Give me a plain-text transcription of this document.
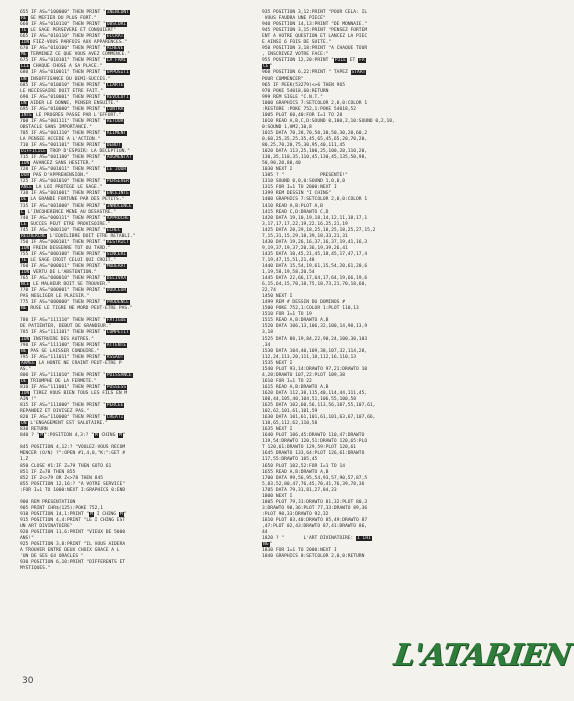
655 IF AS="100000" THEN PRINT "INENCONT
RE SE MEFIER DU PLUS FORT."
660 IF AS="010110" THEN PRINT "OBSCURI
TE LE SAGE PERSEVERE ET CONQUIERT"
665 IF AS="010110" THEN PRINT "ECCRAT
ION FIEZ-VOUS PARFOIS AUX APPARENCES."
670 IF AS="010100" THEN PRINT "ACHEVE
ME TERMINEZ CE QUE VOUS AVEZ COMMENCE."
675 IF AS="010101" THEN PRINT "LA FAMI
LLE CHAQUE CHOSE A SA PLACE."
680 IF AS="010011" THEN PRINT "OPPOSITI
ON INSUFFISANCE DU DEMI-SUCCES."
685 IF AS="010010" THEN PRINT "CLARTE
LE NECESSAIRE DOIT ETRE FAIT."
690 IF AS="010001" THEN PRINT "REVOLUTI
ON AIDER LE DONNE, PENSER ENSUITE."
695 IF AS="010000" THEN PRINT "CONTRA
INTE LE PROGRES PASSE PAR L'EFFORT."
700 IF AS="001111" THEN PRINT "RETOUR
OBSTACLE SANS IMPORTANCE."
705 IF AS="001110" THEN PRINT "ALIMENT
LA PENSEE ACCEDE A L'ACTION."
710 IF AS="001101" THEN PRINT "DEBUT
DIFFICILE TROP D'ESPOIR: LA DECEPTION."
715 IF AS="001100" THEN PRINT "AUGMENTAT
ION AVANCEZ SANS HESITER."
720 IF AS="001011" THEN PRINT "LE JOUR
DUR PAS D'APPREHENSION."
725 IF AS="001010" THEN PRINT "PERSEVER
ANCE LA LOI PROTEGE LE SAGE."
730 IF AS="001001" THEN PRINT "ENCEINTE
DE LA GRANDE FORTUNE PAR DES PETITS."
735 IF AS="001000" THEN PRINT "INNOCENCE
L L'INCOHERENCE MENE AU DESASTRE."
740 IF AS="000111" THEN PRINT "APPROCHE
LE SUCCES PEUT ETRE PROVISOIRE."
745 IF AS="000110" THEN PRINT "ECHEC
RECHERCHE L'EQUILIBRE DOIT ETRE RETABLI."
750 IF AS="000101" THEN PRINT "RESTRICT
ION FREIN DESSERRE TOT OU TARD."
755 IF AS="000100" THEN PRINT "SINCERI
TE LE SAGE CROIT CELUI QUI CROIT."
760 IF AS="000011" THEN PRINT "MODERAT
ION VERTU DE L'ABSTENTION."
765 IF AS="000010" THEN PRINT "DELIVRA
NCE LE MALHEUR DOIT SE TROUVER."
770 IF AS="000001" THEN PRINT "DOUCEUR
PAS NEGLIGER LE PLAISIR."
775 IF AS="000000" THEN PRINT "PRUDENCE
NE RUSE LE TIGRE NE MORD PEUT-ETRE PAS."

780 IF AS="111110" THEN PRINT "FATIGUE
DE PATIENTER, DEBUT DE GRANDEUR."
785 IF AS="111101" THEN PRINT "COMPETIT
ION INSTRUIRE DES AUTRES."
790 IF AS="111100" THEN PRINT "ATTENTE
NE PAS SE LAISSER CONDUIRE."
795 IF AS="111011" THEN PRINT "ASSAUT
ARMEE LA HONTE NE CRAINT PEUT-ETRE P
AS."
800 IF AS="111010" THEN PRINT "PUISSANCE
DE TRIOMPHE DE LA FERMETE."
810 IF AS="111001" THEN PRINT "POSSESS
ION TIREZ VOUS BIEN TOUS LES FILS EN M
AIN !"
815 IF AS="111000" THEN PRINT "PERCEE
REPANDEZ ET DIVISEZ PAS."
820 IF AS="110000" THEN PRINT "CREATI
ON L'ENGAGEMENT EST SALUTAIRE."
830 RETURN
840 ? "M":POSITION 4,3:? "M CHING M"

845 POSITION 4,12:? "VOULEZ-VOUS RECOM
MENCER (O/N) ?":OPEN #1,4,0,"K:":GET #
1,Z
850 CLOSE #1:IF Z=79 THEN GOTO 61
851 IF Z=78 THEN 855
852 IF Z<>79 OR Z<>78 THEN 845
855 POSITION 12,16:? "A VOTRE SERVICE"
:FOR I=1 TO 1000:NEXT I:GRAPHICS 0:END

900 REM PRESENTATION
905 PRINT CHR$(125):POKE 752,1
910 POSITION 14,1:PRINT "M I CHING M"
915 POSITION 4,4:PRINT "LE I CHING EST
UN ART DIVINATOIRE"
920 POSITION 11,6:PRINT "VIEUX DE 5000
ANS!"
925 POSITION 3,8:PRINT "IL VOUS AIDERA
A TROUVER ENTRE DEUX CHOIX GRACE A L
'UN DE SES 64 ORACLES "
930 POSITION 6,10:PRINT "DIFFERENTS ET
MYSTIQUES."
935 POSITION 3,12:PRINT "POUR CELA: IL
VOUS FAUDRA UNE PIECE"
940 POSITION 14,13:PRINT "DE MONNAIE."
945 POSITION 3,15:PRINT "PENSEZ FORTEM
ENT A VOTRE QUESTION ET LANCEZ LA PIEC
E AINSI 6 FOIS DE SUITE."
950 POSITION 3,18:PRINT "A CHAQUE TOUR
, INSCRIVEZ VOTRE FACE:"
955 POSITION 12,20:PRINT "PILE ET FA
CE"
960 POSITION 6,22:PRINT " TAPEZ START
POUR COMMENCER"
965 IF PEEK(53279)<>6 THEN 965
970 POKE 54018,60:RETURN
999 REM SIGLE "C.N.T."
1000 GRAPHICS 7:SETCOLOR 2,0,0:COLOR 1
:RESTORE :POKE 752,1:POKE 54018,52
1005 PLOT 60,40:FOR I=1 TO 28
1010 READ A,B,C,D:SOUND 0,100,2,10:SOUND 0,2,10,
0:SOUND 1,HM2,10,8
1015 DATA 70,28,70,50,30,50,30,20,60,2
0,60,25,35,25,35,45,65,45,65,20,70,20,
80,25,70,20,75,30,95,40,111,45
1020 DATA 113,25,100,25,100,20,110,20,
130,35,110,35,110,45,130,45,135,50,90,
50,90,20,80,40
1030 NEXT I
1305 ? "             PRESENTE!"
1310 SOUND 0,0,0:SOUND 1,0,0,0
1315 FOR I=1 TO 2000:NEXT I
1399 REM DESSIN "I CHING"
1400 GRAPHICS 7:SETCOLOR 2,0,0:COLOR 1
1410 READ A,B:PLOT A,B
1415 READ C,D:DRAWTO C,D
1420 DATA 19,10,19,18,14,12,11,18,17,1
3,17,17,17,22,19,22,16,25,21,19
1425 DATA 20,29,18,25,18,25,18,25,27,15,2
7,15,31,15,29,18,39,18,33,21,31
1430 DATA 19,26,16,37,16,37,19,41,16,3
9,19,37,19,37,20,36,19,39,26,41
1435 DATA 10,45,21,45,18,45,17,47,17,4
7,19,47,15,51,21,48
1440 DATA 15,54,19,61,15,54,20,61,20,6
1,19,58,19,58,20,54
1445 DATA 22,66,17,64,17,64,19,66,19,6
6,15,64,15,70,18,75,18,73,21,70,18,60,
22,74
1450 NEXT I
1499 REM # DESSIN DU DOMINOS #
1500 POKE 752,1:COLOR 1:PLOT 110,13
1510 FOR I=1 TO 19
1515 READ A,B:DRAWTO A,B
1520 DATA 106,13,106,32,100,14,90,13,9
3,18
1525 DATA 80,19,84,22,90,24,100,30,103
,34
1530 DATA 104,40,109,38,107,32,114,28,
112,24,113,20,111,18,112,16,110,13
1535 NEXT I
1540 PLOT 93,14:DRAWTO 97,21:DRAWTO 10
4,28:DRAWTO 107,22:PLOT 109,38
1610 FOR I=1 TO 22
1615 READ A,B:DRAWTO A,B
1620 DATA 112,38,115,40,114,44,111,45,
108,44,105,40,104,51,106,55,100,58
1625 DATA 102,60,56,113,56,107,55,107,61,
102,62,101,61,101,59
1630 DATA 101,61,101,61,101,63,67,107,66,
110,65,112,62,110,58
1635 NEXT I
1640 PLOT 106,45:DRAWTO 110,47:DRAWTO
119,54:DRAWTO 120,51:DRAWTO 120,65:PLO
T 120,61:DRAWTO 129,59:PLOT 120,61
1645 DRAWTO 133,64:PLOT 126,61:DRAWTO
117,55:DRAWTO 105,45
1650 PLOT 102,52:FOR I=1 TO 14
1655 READ A,B:DRAWTO A,B
1700 DATA 99,56,95,54,93,57,90,57,87,5
5,83,52,80,47,76,45,70,41,76,39,78,36
1705 DATA 79,31,81,27,84,23
1800 NEXT I
1805 PLOT 79,31:DRAWTO 81,32:PLOT 80,3
3:DRAWTO 90,36:PLOT 77,33:DRAWTO 89,36
:PLOT 90,33:DRAWTO 92,32
1810 PLOT 83,40:DRAWTO 85,49:DRAWTO 87
,47:PLOT 82,43:DRAWTO 87,41:DRAWTO 86,
44
1820 ? "       L'ART DIVINATOIRE: I CHI
NG"
1830 FOR I=1 TO 2000:NEXT I
1840 GRAPHICS 0:SETCOLOR 2,0,0:RETURN
30
L'ATARIEN
